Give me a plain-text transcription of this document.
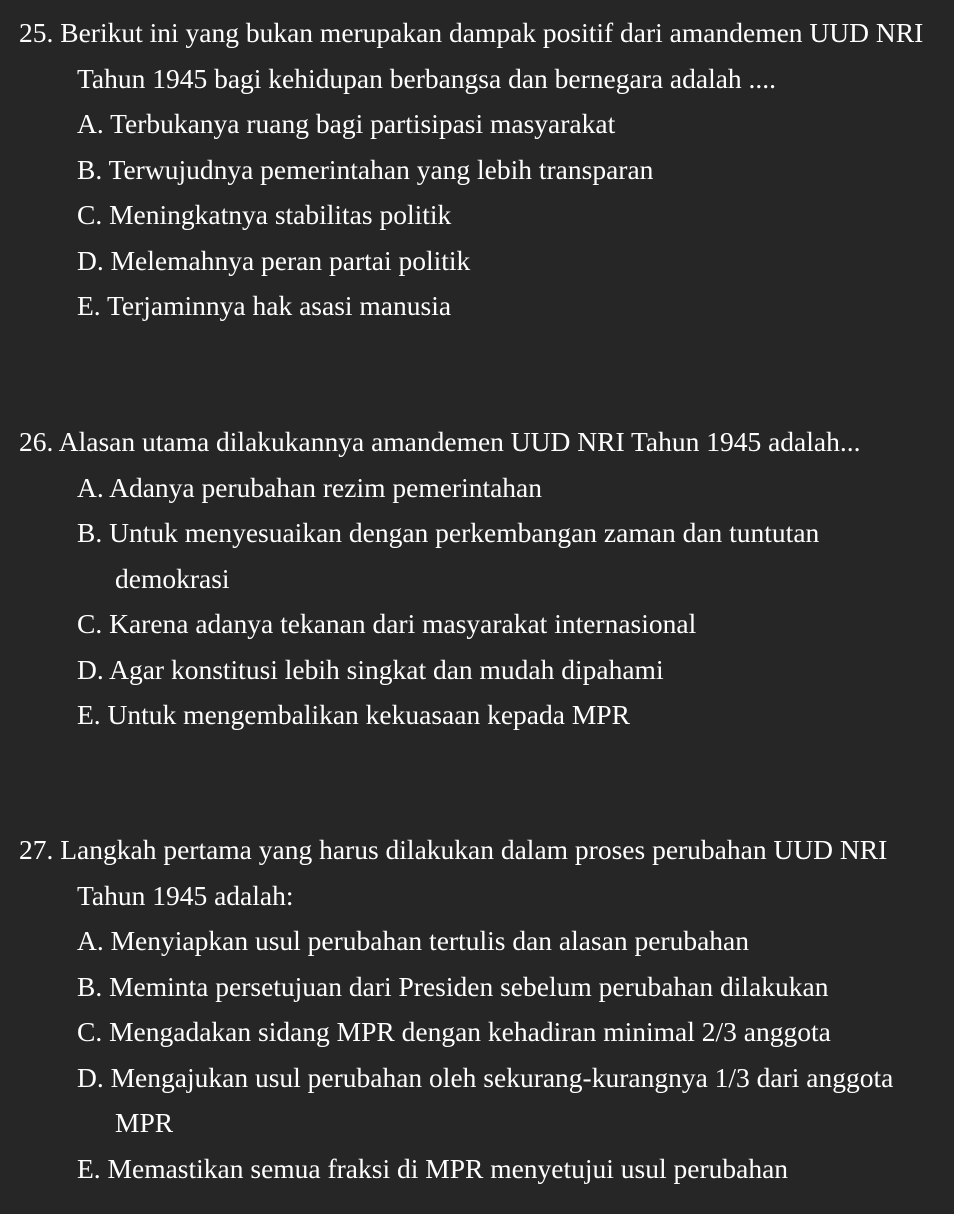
25. Berikut ini yang bukan merupakan dampak positif dari amandemen UUD NRI Tahun 1945 bagi kehidupan berbangsa dan bernegara adalah ....
A. Terbukanya ruang bagi partisipasi masyarakat
B. Terwujudnya pemerintahan yang lebih transparan
C. Meningkatnya stabilitas politik
D. Melemahnya peran partai politik
E. Terjaminnya hak asasi manusia
26. Alasan utama dilakukannya amandemen UUD NRI Tahun 1945 adalah...
A. Adanya perubahan rezim pemerintahan
B. Untuk menyesuaikan dengan perkembangan zaman dan tuntutan demokrasi
C. Karena adanya tekanan dari masyarakat internasional
D. Agar konstitusi lebih singkat dan mudah dipahami
E. Untuk mengembalikan kekuasaan kepada MPR
27. Langkah pertama yang harus dilakukan dalam proses perubahan UUD NRI Tahun 1945 adalah:
A. Menyiapkan usul perubahan tertulis dan alasan perubahan
B. Meminta persetujuan dari Presiden sebelum perubahan dilakukan
C. Mengadakan sidang MPR dengan kehadiran minimal 2/3 anggota
D. Mengajukan usul perubahan oleh sekurang-kurangnya 1/3 dari anggota MPR
E. Memastikan semua fraksi di MPR menyetujui usul perubahan
